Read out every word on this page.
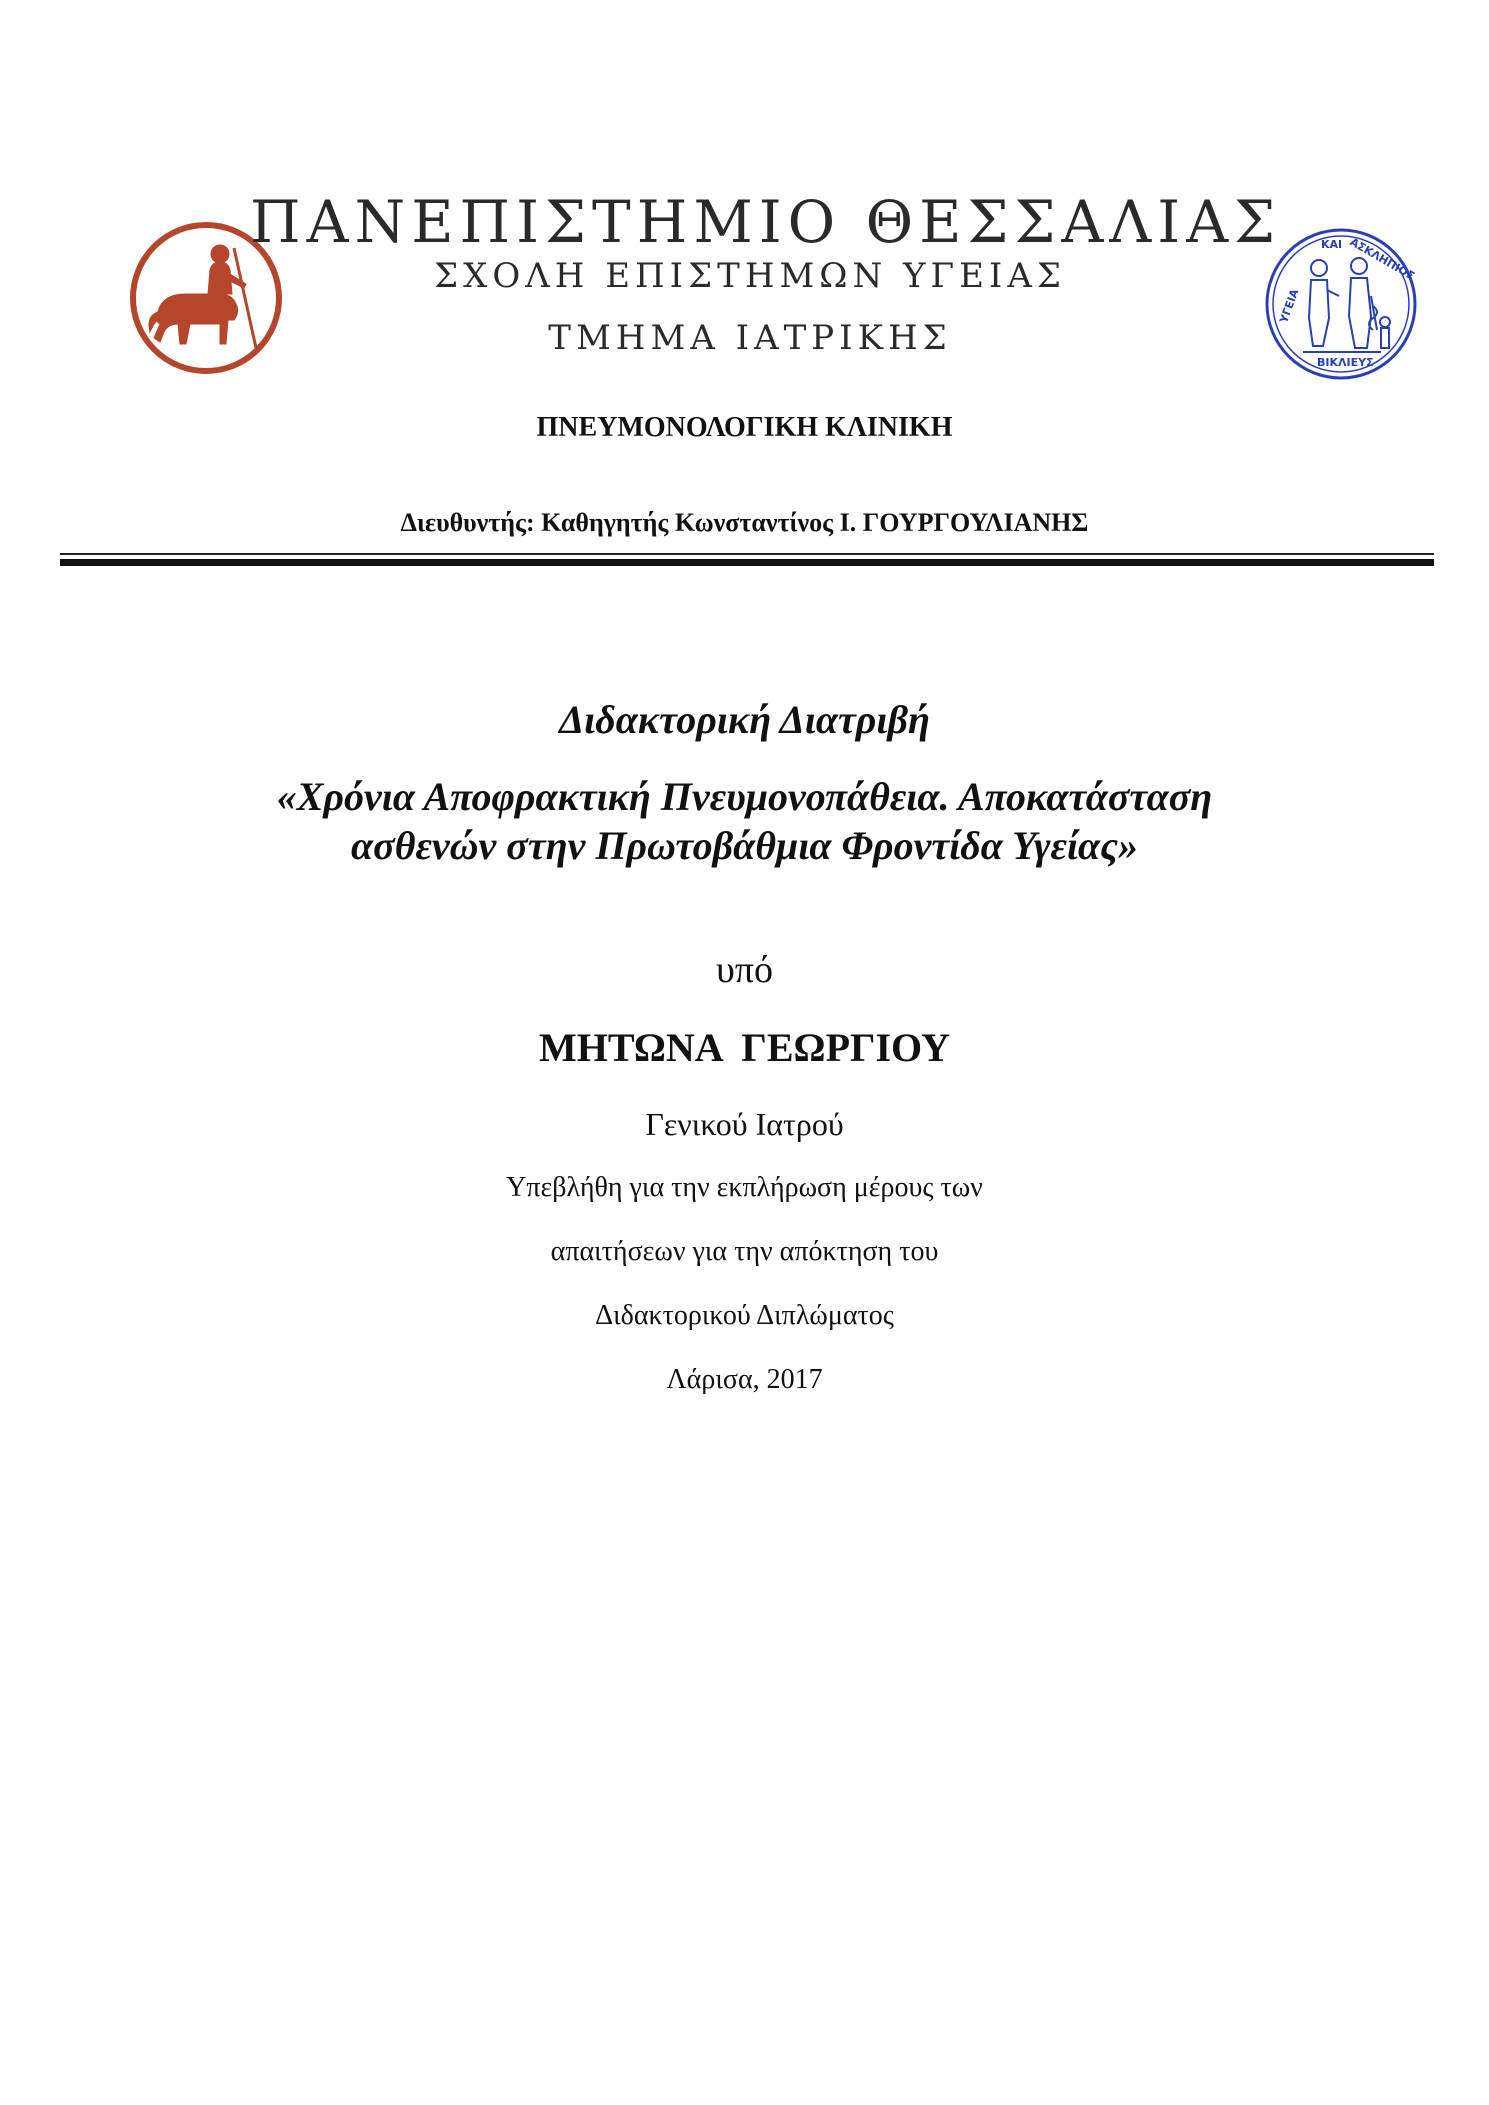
ΠΑΝΕΠΙΣΤΗΜΙΟ ΘΕΣΣΑΛΙΑΣ
ΣΧΟΛΗ ΕΠΙΣΤΗΜΩΝ ΥΓΕΙΑΣ
ΤΜΗΜΑ ΙΑΤΡΙΚΗΣ
ΚΑΙ ΑΣΚΛΗΠΙΟΣ
ΥΓΕΙΑ
ΒΙΚΛΙΕΥΣ
ΠΝΕΥΜΟΝΟΛΟΓΙΚΗ ΚΛΙΝΙΚΗ
Διευθυντής: Καθηγητής Κωνσταντίνος Ι. ΓΟΥΡΓΟΥΛΙΑΝΗΣ
Διδακτορική Διατριβή
«Χρόνια Αποφρακτική Πνευμονοπάθεια. Αποκατάσταση
ασθενών στην Πρωτοβάθμια Φροντίδα Υγείας»
υπό
ΜΗΤΩΝΑ  ΓΕΩΡΓΙΟΥ
Γενικού Ιατρού
Υπεβλήθη για την εκπλήρωση μέρους των
απαιτήσεων για την απόκτηση του
Διδακτορικού Διπλώματος
Λάρισα, 2017
